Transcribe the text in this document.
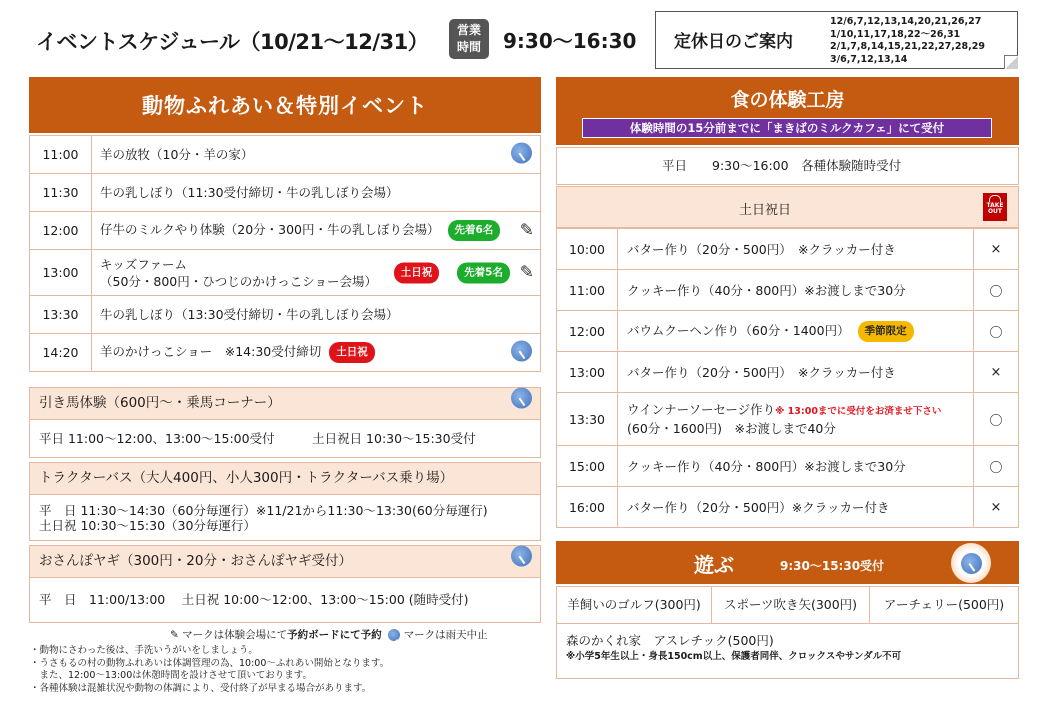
イベントスケジュール（10/21〜12/31）	営業
時間	9:30〜16:30 定休日のご案内
12/6,7,12,13,14,20,21,26,27
1/10,11,17,18,22〜26,31
2/1,7,8,14,15,21,22,27,28,29
3/6,7,12,13,14
動物ふれあい＆特別イベント
11:00	羊の放牧（10分・羊の家）

11:30	牛の乳しぼり（11:30受付締切・牛の乳しぼり会場）
12:00	仔牛のミルクやり体験（20分・300円・牛の乳しぼり会場） 先着6名 ✎

13:00	キッズファーム
（50分・800円・ひつじのかけっこショー会場）
土日祝 先着5名 ✎

13:30	牛の乳しぼり（13:30受付締切・牛の乳しぼり会場）
14:20	羊のかけっこショー　※14:30受付締切 土日祝
引き馬体験（600円〜・乗馬コーナー）
平日 11:00〜12:00、13:00〜15:00受付　　　土日祝日 10:30〜15:30受付
トラクターバス（大人400円、小人300円・トラクターバス乗り場）
平　日 11:30〜14:30（60分毎運行）※11/21から11:30〜13:30(60分毎運行)
土日祝 10:30〜15:30（30分毎運行）
おさんぽヤギ（300円・20分・おさんぽヤギ受付）
平　日　11:00/13:00　 土日祝 10:00〜12:00、13:00〜15:00 (随時受付)
✎ マークは体験会場にて予約ボードにて予約 マークは雨天中止
・動物にさわった後は、手洗いうがいをしましょう。
・うさもるの村の動物ふれあいは体調管理の為、10:00〜ふれあい開始となります。
　また、12:00〜13:00は休憩時間を設けさせて頂いております。
・各種体験は混雑状況や動物の体調により、受付終了が早まる場合があります。
食の体験工房
体験時間の15分前までに「まきばのミルクカフェ」にて受付
平日　　9:30〜16:00　各種体験随時受付
土日祝日	TAKE OUT
10:00	バター作り（20分・500円）　※クラッカー付き	×
11:00	クッキー作り（40分・800円）※お渡しまで30分	〇
12:00	バウムクーヘン作り（60分・1400円） 季節限定	〇
13:00	バター作り（20分・500円）　※クラッカー付き	×
13:30	ウインナーソーセージ作り※ 13:00までに受付をお済ませ下さい
(60分・1600円)　※お渡しまで40分	〇
15:00	クッキー作り（40分・800円）※お渡しまで30分	〇
16:00	バター作り（20分・500円）※クラッカー付き	×
遊ぶ	9:30〜15:30受付
羊飼いのゴルフ(300円)	スポーツ吹き矢(300円)	アーチェリー(500円)
森のかくれ家　アスレチック(500円)
※小学5年生以上・身長150cm以上、保護者同伴、クロックスやサンダル不可
